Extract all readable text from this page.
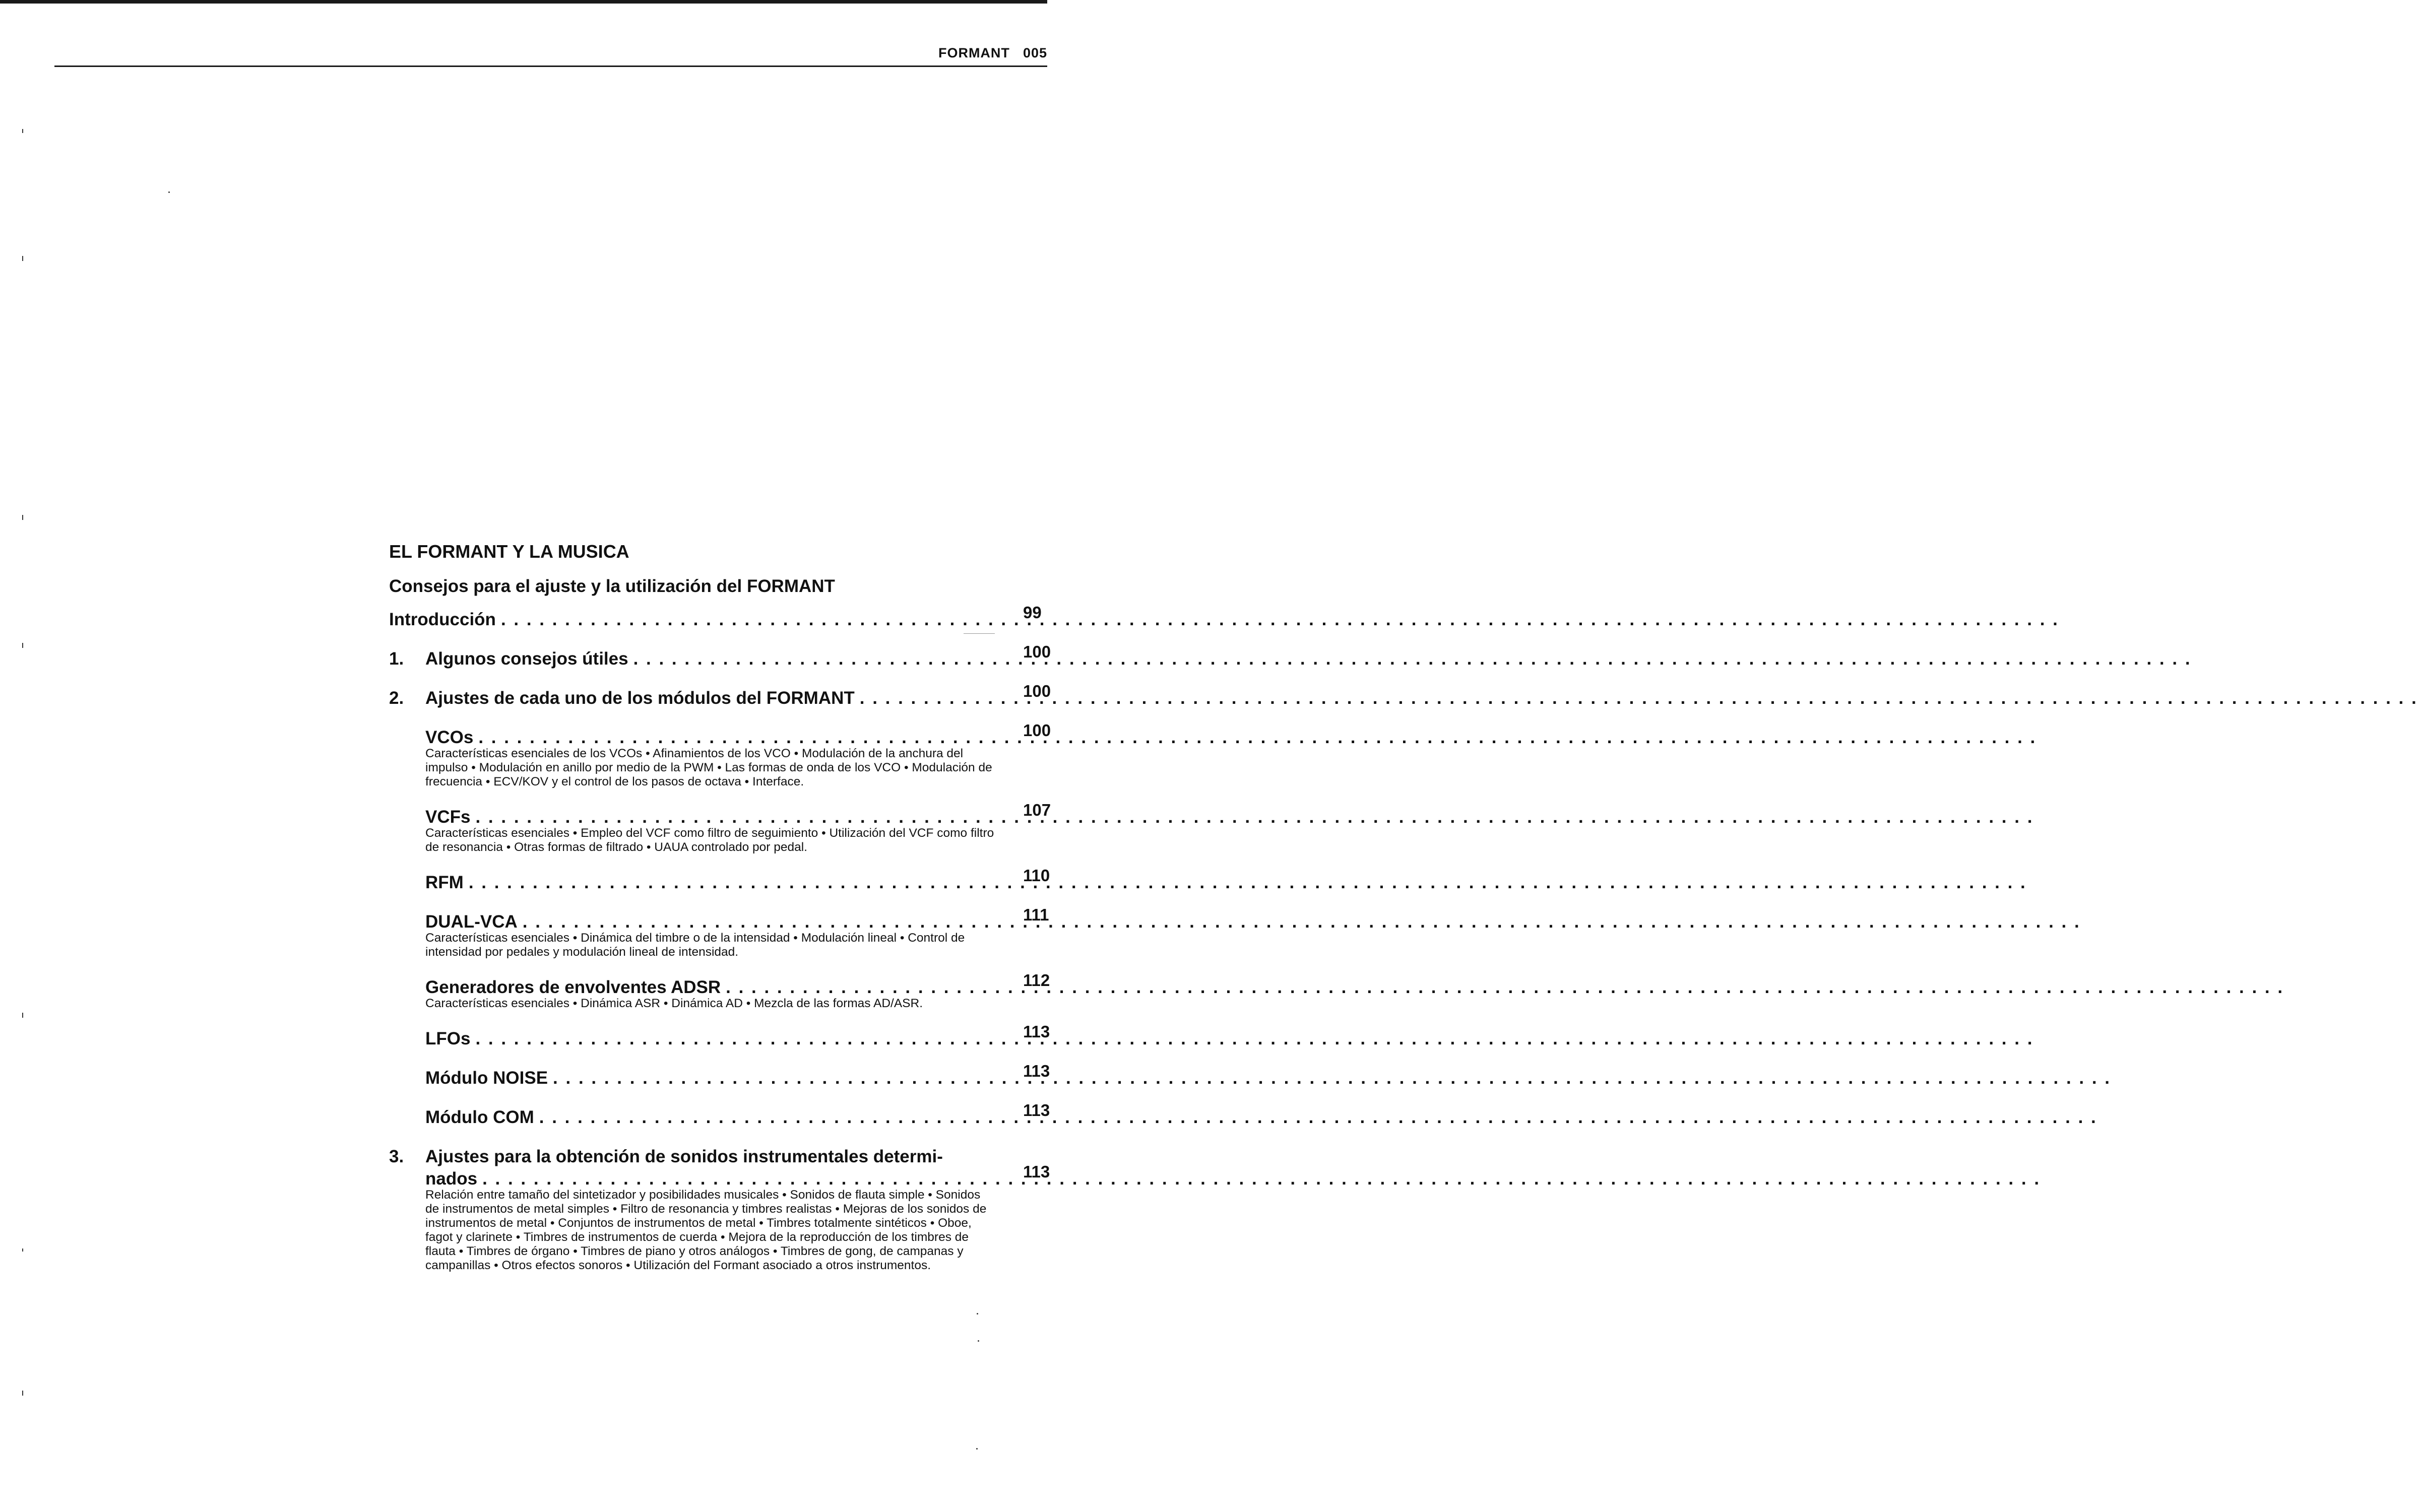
FORMANT 005
EL FORMANT Y LA MUSICA
Consejos para el ajuste y la utilización del FORMANT
Introducción . . .	99
1.	Algunos consejos útiles . . .	100
2.	Ajustes de cada uno de los módulos del FORMANT . . .	100
VCOs . . .	100
Características esenciales de los VCOs • Afinamientos de los VCO • Modulación de la anchura del impulso • Modulación en anillo por medio de la PWM • Las formas de onda de los VCO • Modulación de frecuencia • ECV/KOV y el control de los pasos de octava • Interface.
VCFs . . .	107
Características esenciales • Empleo del VCF como filtro de seguimiento • Utilización del VCF como filtro de resonancia • Otras formas de filtrado • UAUA controlado por pedal.
RFM . . .	110
DUAL-VCA . . .	111
Características esenciales • Dinámica del timbre o de la intensidad • Modulación lineal • Control de intensidad por pedales y modulación lineal de intensidad.
Generadores de envolventes ADSR . . .	112
Características esenciales • Dinámica ASR • Dinámica AD • Mezcla de las formas AD/ASR.
LFOs . . .	113
Módulo NOISE . . .	113
Módulo COM . . .	113
3.	Ajustes para la obtención de sonidos instrumentales determi-
nados . . .	113
Relación entre tamaño del sintetizador y posibilidades musicales • Sonidos de flauta simple • Sonidos de instrumentos de metal simples • Filtro de resonancia y timbres realistas • Mejoras de los sonidos de instrumentos de metal • Conjuntos de instrumentos de metal • Timbres totalmente sintéticos • Oboe, fagot y clarinete • Timbres de instrumentos de cuerda • Mejora de la reproducción de los timbres de flauta • Timbres de órgano • Timbres de piano y otros análogos • Timbres de gong, de campanas y campanillas • Otros efectos sonoros • Utilización del Formant asociado a otros instrumentos.
